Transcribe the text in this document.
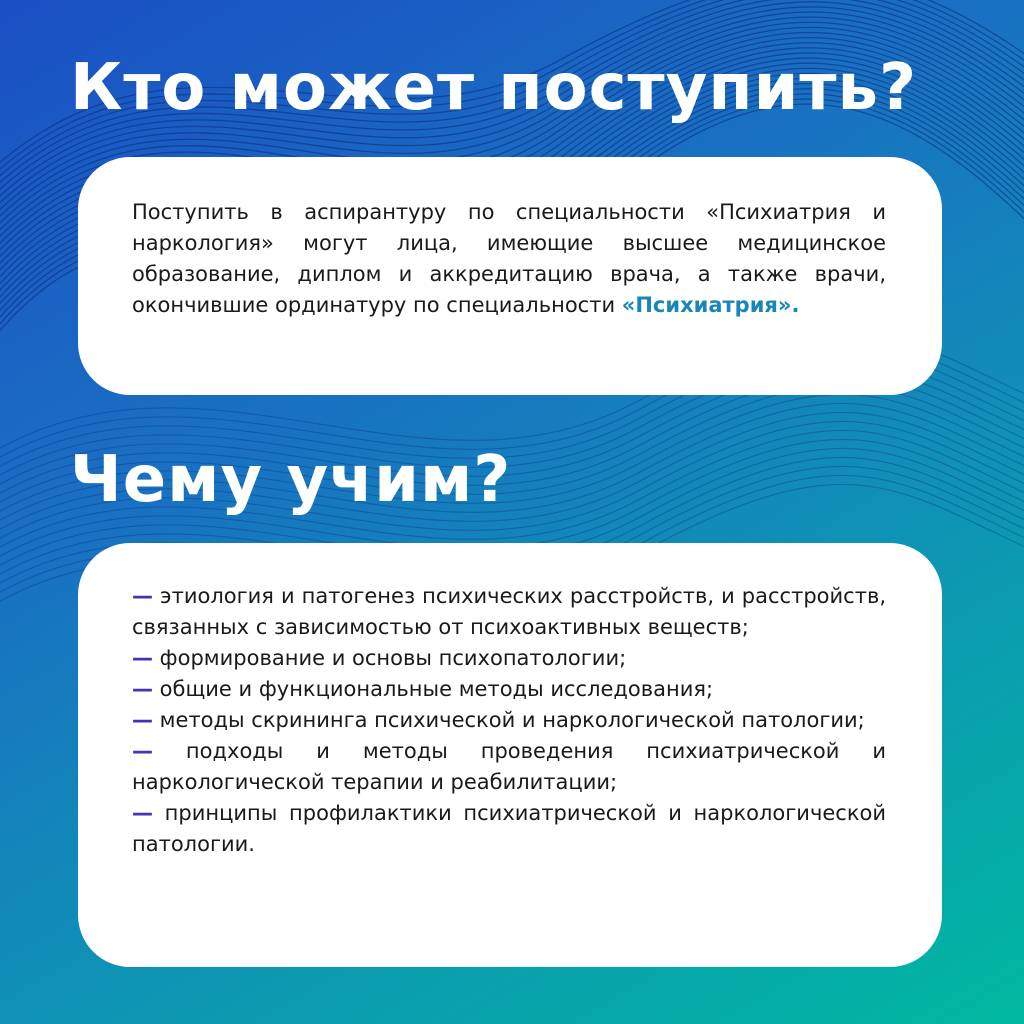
Кто может поступить?

Поступить в аспирантуру по специальности «Психиатрия и наркология» могут лица, имеющие высшее медицинское образование, диплом и аккредитацию врача, а также врачи, окончившие ординатуру по специальности «Психиатрия».

Чему учим?
— этиология и патогенез психических расстройств, и расстройств, связанных с зависимостью от психоактивных веществ;
— формирование и основы психопатологии;
— общие и функциональные методы исследования;
— методы скрининга психической и наркологической патологии;
— подходы и методы проведения психиатрической и наркологической терапии и реабилитации;
— принципы профилактики психиатрической и наркологической патологии.
